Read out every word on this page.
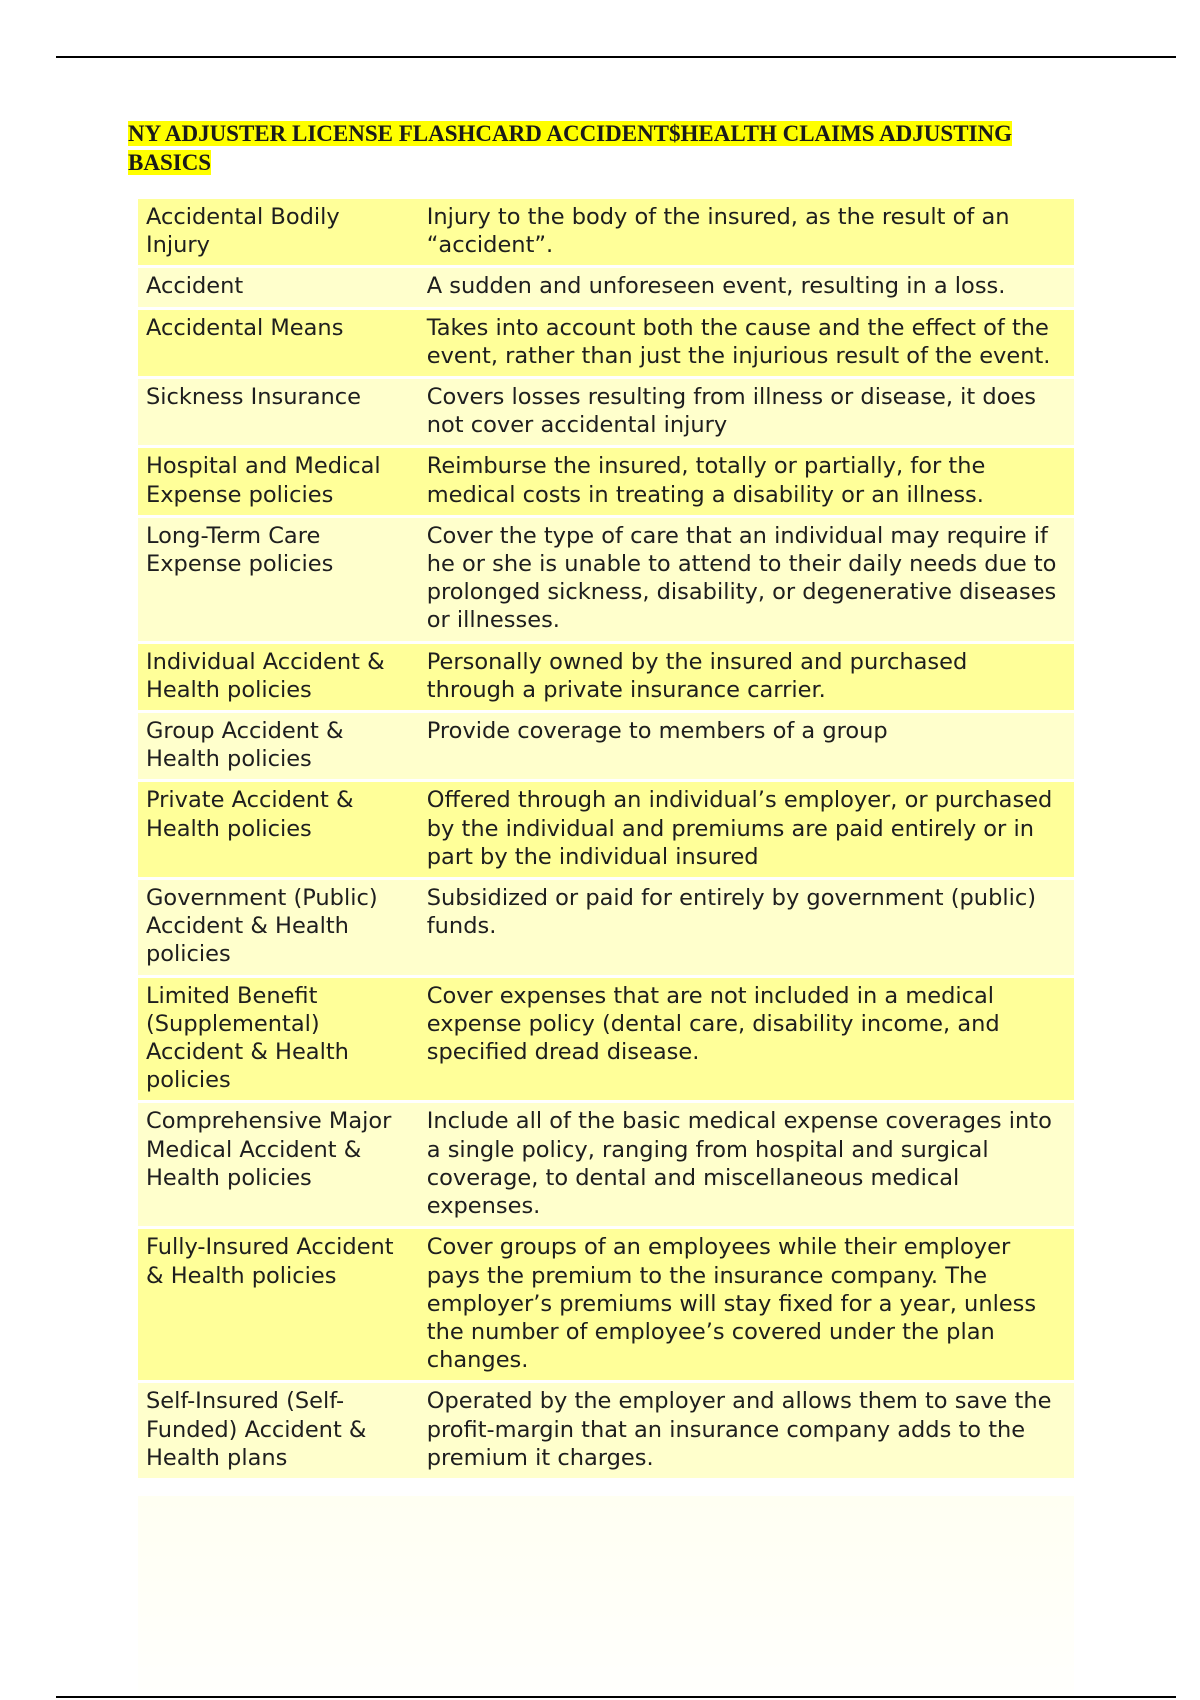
NY ADJUSTER LICENSE FLASHCARD ACCIDENT$HEALTH CLAIMS ADJUSTING BASICS
Accidental Bodily Injury	Injury to the body of the insured, as the result of an “accident”.
Accident	A sudden and unforeseen event, resulting in a loss.
Accidental Means	Takes into account both the cause and the effect of the event, rather than just the injurious result of the event.
Sickness Insurance	Covers losses resulting from illness or disease, it does not cover accidental injury
Hospital and Medical Expense policies	Reimburse the insured, totally or partially, for the medical costs in treating a disability or an illness.
Long-Term Care Expense policies	Cover the type of care that an individual may require if he or she is unable to attend to their daily needs due to prolonged sickness, disability, or degenerative diseases or illnesses.
Individual Accident & Health policies	Personally owned by the insured and purchased through a private insurance carrier.
Group Accident & Health policies	Provide coverage to members of a group
Private Accident & Health policies	Offered through an individual’s employer, or purchased by the individual and premiums are paid entirely or in part by the individual insured
Government (Public) Accident & Health policies	Subsidized or paid for entirely by government (public) funds.
Limited Benefit (Supplemental) Accident & Health policies	Cover expenses that are not included in a medical expense policy (dental care, disability income, and specified dread disease.
Comprehensive Major Medical Accident & Health policies	Include all of the basic medical expense coverages into a single policy, ranging from hospital and surgical coverage, to dental and miscellaneous medical expenses.
Fully-Insured Accident & Health policies	Cover groups of an employees while their employer pays the premium to the insurance company. The employer’s premiums will stay fixed for a year, unless the number of employee’s covered under the plan changes.
Self-Insured (Self-Funded) Accident & Health plans	Operated by the employer and allows them to save the profit-margin that an insurance company adds to the premium it charges.
